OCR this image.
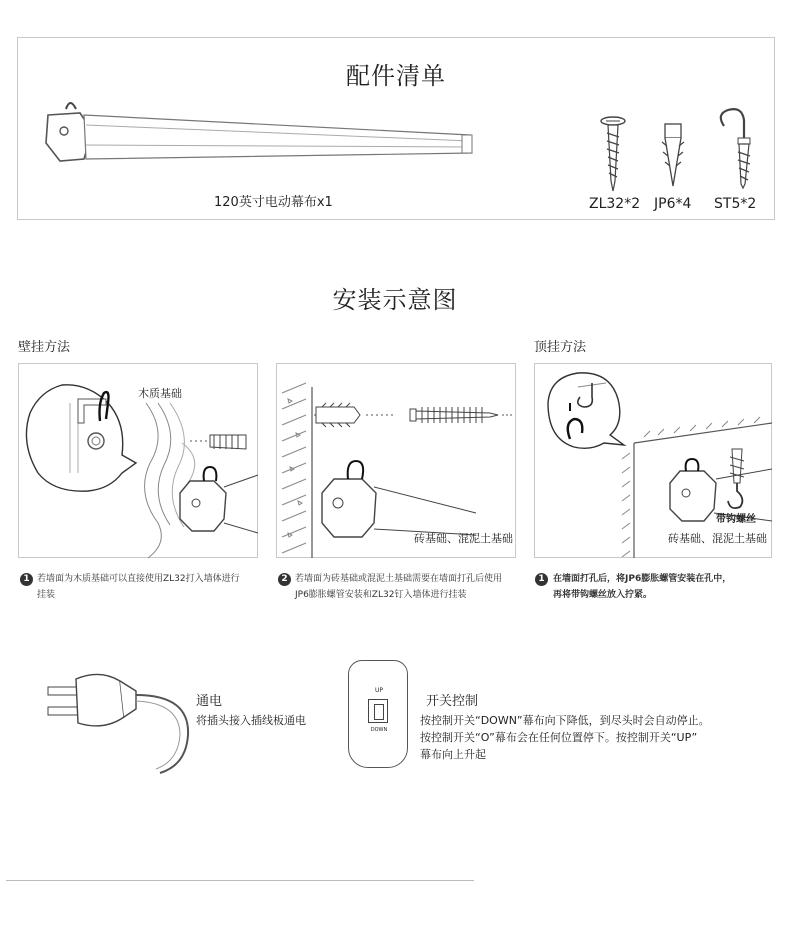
配件清单
120英寸电动幕布x1	ZL32*2 JP6*4 ST5*2
安装示意图
壁挂方法	顶挂方法
木质基础
砖基础、混泥土基础
带钩螺丝
砖基础、混泥土基础
1 若墙面为木质基础可以直接使用ZL32打入墙体进行
挂装
2 若墙面为砖基础或混泥土基础需要在墙面打孔后使用
JP6膨胀螺管安装和ZL32钉入墙体进行挂装
1 在墙面打孔后，将JP6膨胀螺管安装在孔中，
再将带钩螺丝放入拧紧。
通电
将插头接入插线板通电
UP
DOWN
开关控制
按控制开关“DOWN”幕布向下降低，到尽头时会自动停止。
按控制开关“O”幕布会在任何位置停下。按控制开关“UP”
幕布向上升起
